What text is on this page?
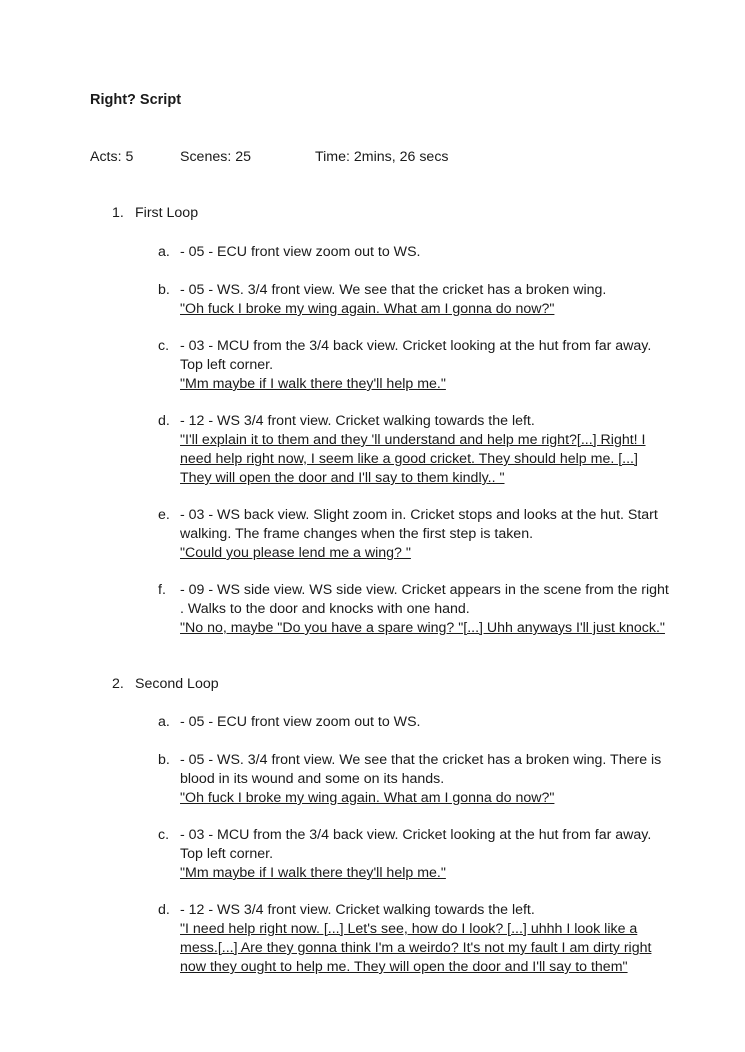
Right? Script
Acts: 5	Scenes: 25	Time: 2mins, 26 secs
1. First Loop
a. - 05 - ECU front view zoom out to WS.
b. - 05 - WS. 3/4 front view. We see that the cricket has a broken wing.
"Oh fuck I broke my wing again. What am I gonna do now?"
c. - 03 - MCU from the 3/4 back view. Cricket looking at the hut from far away.
Top left corner.
"Mm maybe if I walk there they'll help me."
d. - 12 - WS 3/4 front view. Cricket walking towards the left.
"I'll explain it to them and they 'll understand and help me right?[...] Right! I
need help right now, I seem like a good cricket. They should help me. [...]
They will open the door and I'll say to them kindly.. "
e. - 03 - WS back view. Slight zoom in. Cricket stops and looks at the hut. Start
walking. The frame changes when the first step is taken.
"Could you please lend me a wing? "
f. - 09 - WS side view. WS side view. Cricket appears in the scene from the right
. Walks to the door and knocks with one hand.
"No no, maybe "Do you have a spare wing? "[...] Uhh anyways I'll just knock."
2. Second Loop
a. - 05 - ECU front view zoom out to WS.
b. - 05 - WS. 3/4 front view. We see that the cricket has a broken wing. There is
blood in its wound and some on its hands.
"Oh fuck I broke my wing again. What am I gonna do now?"
c. - 03 - MCU from the 3/4 back view. Cricket looking at the hut from far away.
Top left corner.
"Mm maybe if I walk there they'll help me."
d. - 12 - WS 3/4 front view. Cricket walking towards the left.
"I need help right now. [...] Let's see, how do I look? [...] uhhh I look like a
mess.[...] Are they gonna think I'm a weirdo? It's not my fault I am dirty right
now they ought to help me. They will open the door and I'll say to them"
